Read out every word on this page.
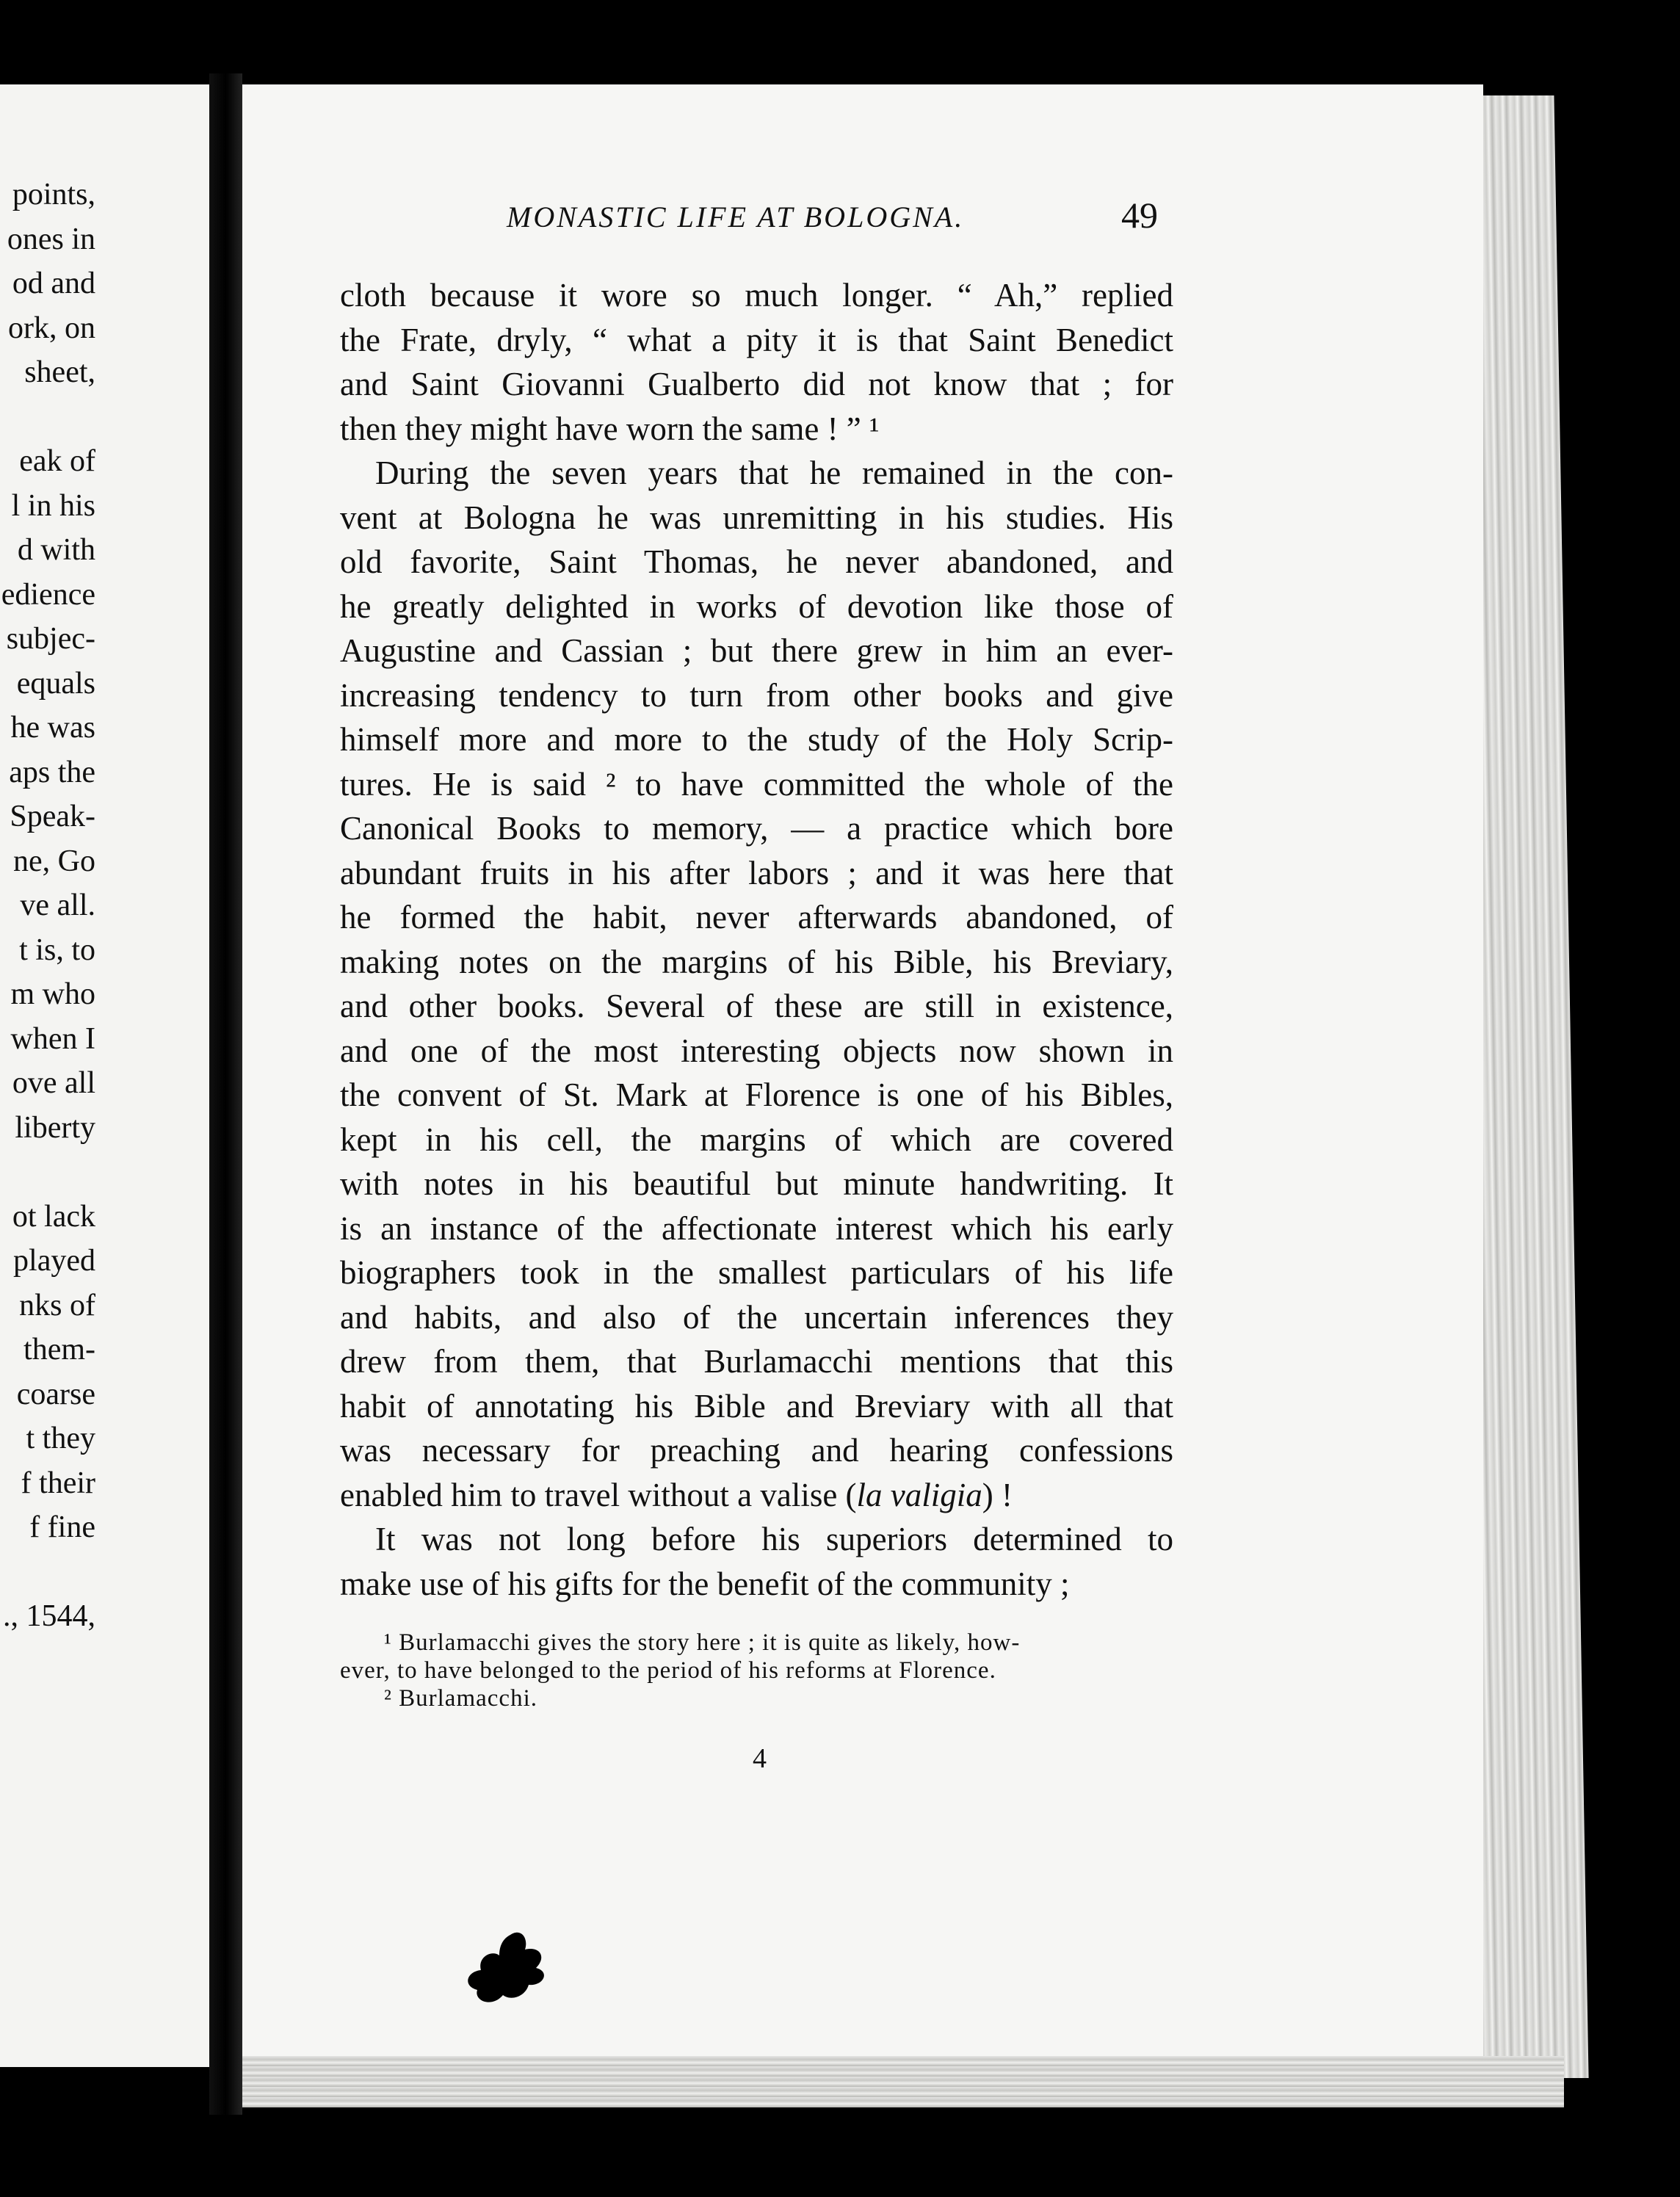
points,
ones in
od and
ork, on
sheet,
eak of
l in his
d with
edience
subjec-
equals
he was
aps the
Speak-
ne, Go
ve all.
t is, to
m who
when I
ove all
liberty
ot lack
played
nks of
them-
coarse
t they
f their
f fine
., 1544,
MONASTIC LIFE AT BOLOGNA.	49
cloth because it wore so much longer. “ Ah,” replied
the Frate, dryly, “ what a pity it is that Saint Benedict
and Saint Giovanni Gualberto did not know that ; for
then they might have worn the same ! ” ¹
During the seven years that he remained in the con-
vent at Bologna he was unremitting in his studies. His
old favorite, Saint Thomas, he never abandoned, and
he greatly delighted in works of devotion like those of
Augustine and Cassian ; but there grew in him an ever-
increasing tendency to turn from other books and give
himself more and more to the study of the Holy Scrip-
tures. He is said ² to have committed the whole of the
Canonical Books to memory, — a practice which bore
abundant fruits in his after labors ; and it was here that
he formed the habit, never afterwards abandoned, of
making notes on the margins of his Bible, his Breviary,
and other books. Several of these are still in existence,
and one of the most interesting objects now shown in
the convent of St. Mark at Florence is one of his Bibles,
kept in his cell, the margins of which are covered
with notes in his beautiful but minute handwriting. It
is an instance of the affectionate interest which his early
biographers took in the smallest particulars of his life
and habits, and also of the uncertain inferences they
drew from them, that Burlamacchi mentions that this
habit of annotating his Bible and Breviary with all that
was necessary for preaching and hearing confessions
enabled him to travel without a valise (la valigia) !
It was not long before his superiors determined to
make use of his gifts for the benefit of the community ;
¹ Burlamacchi gives the story here ; it is quite as likely, how-
ever, to have belonged to the period of his reforms at Florence.
² Burlamacchi.
4
